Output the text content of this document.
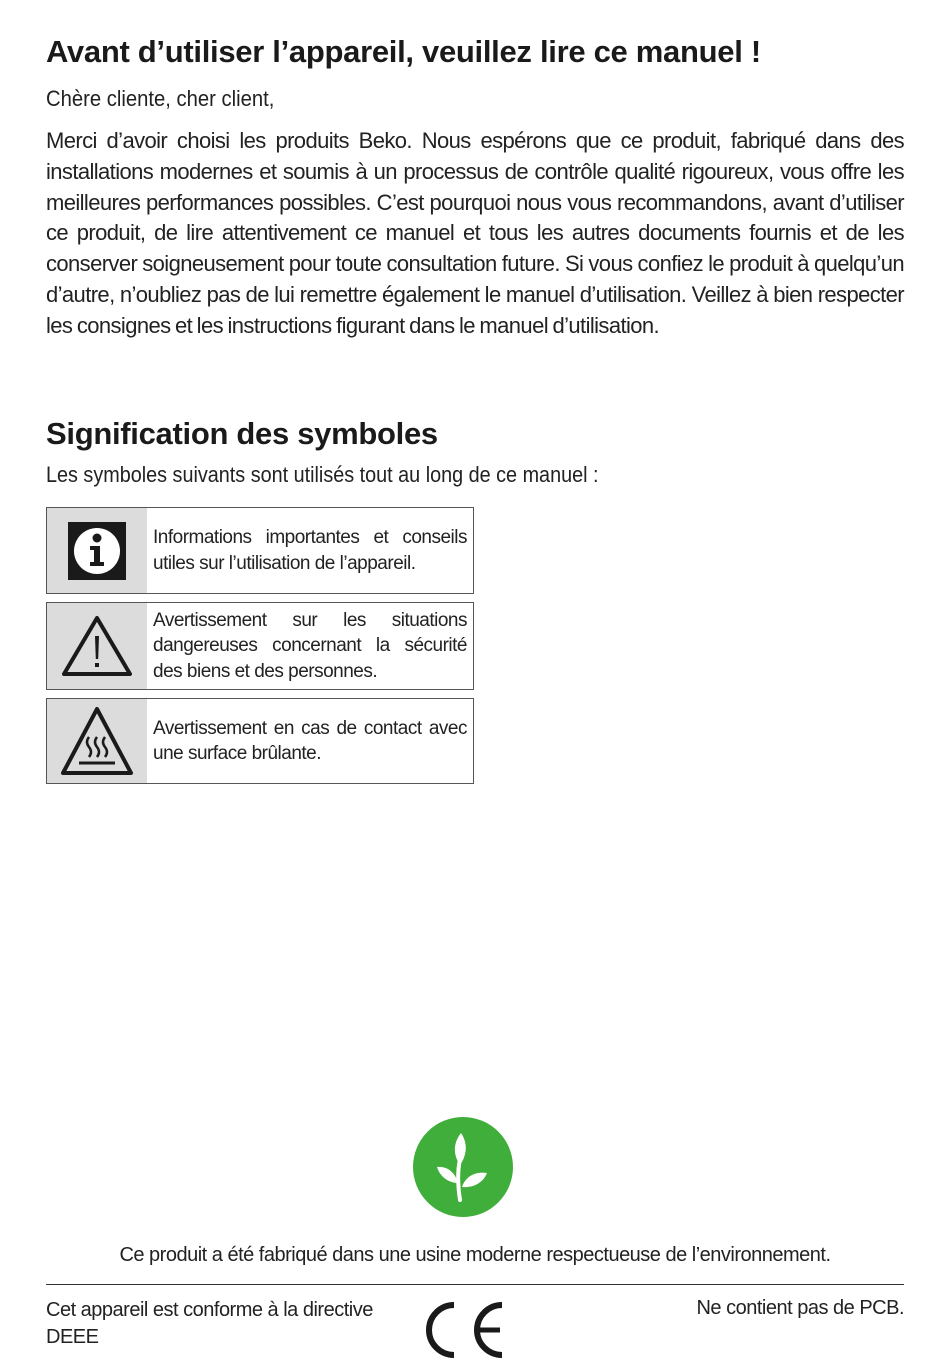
Avant d’utiliser l’appareil, veuillez lire ce manuel !

Chère cliente, cher client,

Merci d’avoir choisi les produits Beko. Nous espérons que ce produit, fabriqué dans des installations modernes et soumis à un processus de contrôle qualité rigoureux, vous offre les meilleures performances possibles. C’est pourquoi nous vous recommandons, avant d’utiliser ce produit, de lire attentivement ce manuel et tous les autres documents fournis et de les conserver soigneusement pour toute consultation future. Si vous confiez le produit à quelqu’un d’autre, n’oubliez pas de lui remettre également le manuel d’utilisation. Veillez à bien respecter les consignes et les instructions figurant dans le manuel d’utilisation.

Signification des symboles

Les symboles suivants sont utilisés tout au long de ce manuel :

Informations importantes et conseils utiles sur l’utilisation de l’appareil.
Avertissement sur les situations dangereuses concernant la sécurité des biens et des personnes.
Avertissement en cas de contact avec une surface brûlante.
Ce produit a été fabriqué dans une usine moderne respectueuse de l’environnement.
Cet appareil est conforme à la directive DEEE
Ne contient pas de PCB.
